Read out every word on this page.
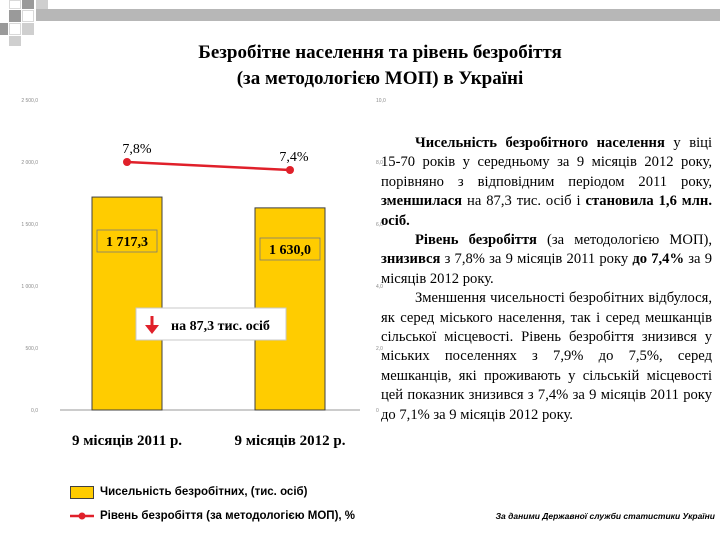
Безробітне населення та рівень безробіття
(за методологією МОП) в Україні
0,0
500,0
1 000,0
1 500,0
2 000,0
2 500,0
0
2,0
4,0
6,0
8,0
10,0
1 717,3
1 630,0
7,8%
7,4%
на 87,3 тис. осіб
9 місяців 2011 р.	9 місяців 2012 р.

Чисельність безробітного населення у віці 15-70 років у середньому за 9 місяців 2012 року, порівняно з відповідним періодом 2011 року, зменшилася на 87,3 тис. осіб і становила 1,6 млн. осіб.

Рівень безробіття (за методологією МОП), знизився з 7,8% за 9 місяців 2011 року до 7,4% за 9 місяців 2012 року.

Зменшення чисельності безробітних відбулося, як серед міського населення, так і серед мешканців сільської місцевості. Рівень безробіття знизився у міських поселеннях з 7,9% до 7,5%, серед мешканців, які проживають у сільській місцевості цей показник знизився з 7,4% за 9 місяців 2011 року до 7,1% за 9 місяців 2012 року.

Чисельність безробітних, (тис. осіб)
Рівень безробіття (за методологією МОП), %	За даними Державної служби статистики України
